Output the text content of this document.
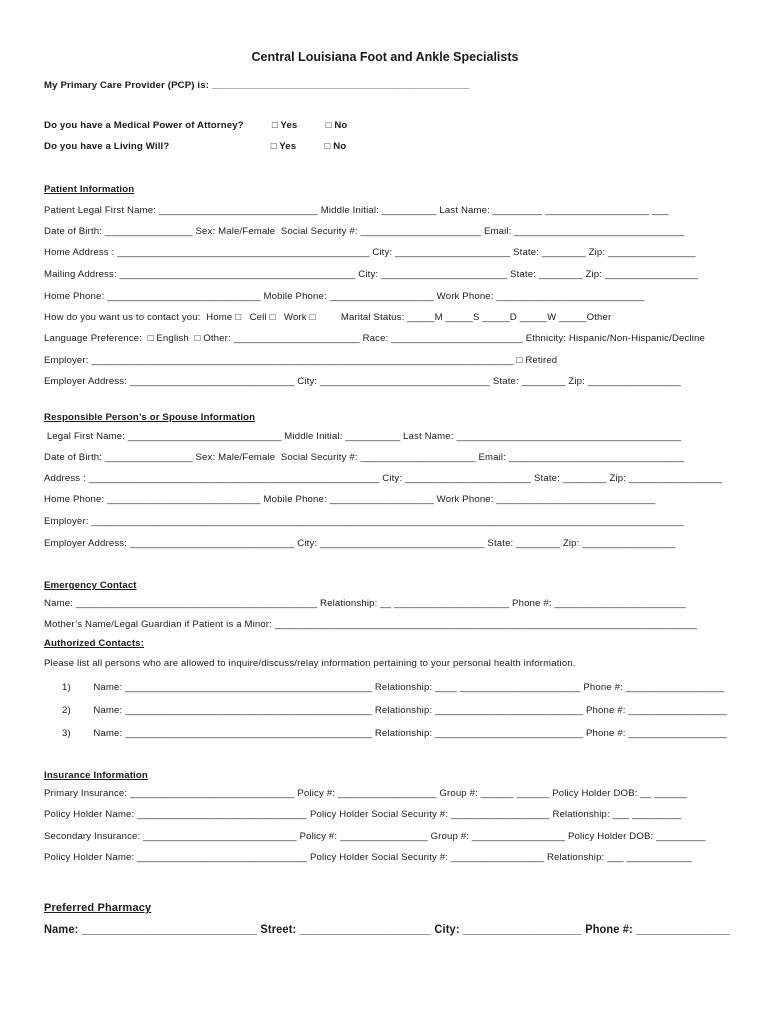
Central Louisiana Foot and Ankle Specialists
My Primary Care Provider (PCP) is: _______________________________________________
Do you have a Medical Power of Attorney?          □ Yes          □ No
Do you have a Living Will?                                    □ Yes          □ No
Patient Information
Patient Legal First Name: _____________________________ Middle Initial: __________ Last Name: _________ ___________________ ___
Date of Birth: ________________ Sex: Male/Female  Social Security #: ______________________ Email: _______________________________
Home Address : ______________________________________________ City: _____________________ State: ________ Zip: ________________
Mailing Address: ___________________________________________ City: _______________________ State: ________ Zip: _________________
Home Phone: ____________________________ Mobile Phone: ___________________ Work Phone: ___________________________
How do you want us to contact you:  Home □   Cell □   Work □         Marital Status: _____M _____S _____D _____W _____Other
Language Preference:  □ English  □ Other: _______________________ Race: ________________________ Ethnicity: Hispanic/Non-Hispanic/Decline
Employer: _____________________________________________________________________________ □ Retired
Employer Address: ______________________________ City: _______________________________ State: ________ Zip: _________________
Responsible Person’s or Spouse Information
Legal First Name: ____________________________ Middle Initial: __________ Last Name: _________________________________________
Date of Birth: ________________ Sex: Male/Female  Social Security #: _____________________ Email: ________________________________
Address : _____________________________________________________ City: _______________________ State: ________ Zip: _________________
Home Phone: ____________________________ Mobile Phone: ___________________ Work Phone: _____________________________
Employer: ____________________________________________________________________________________________________________
Employer Address: ______________________________ City: ______________________________ State: ________ Zip: _________________
Emergency Contact
Name: ____________________________________________ Relationship: __ _____________________ Phone #: ________________________
Mother’s Name/Legal Guardian if Patient is a Minor: _____________________________________________________________________________
Authorized Contacts:
Please list all persons who are allowed to inquire/discuss/relay information pertaining to your personal health information.
1)        Name: _____________________________________________ Relationship: ____ ______________________ Phone #: __________________
2)        Name: _____________________________________________ Relationship: ___________________________ Phone #: __________________
3)        Name: _____________________________________________ Relationship: ___________________________ Phone #: __________________
Insurance Information
Primary Insurance: ______________________________ Policy #: __________________ Group #: ______ ______ Policy Holder DOB: __ ______
Policy Holder Name: _______________________________ Policy Holder Social Security #: __________________ Relationship: ___ _________
Secondary Insurance: ____________________________ Policy #: ________________ Group #: _________________ Policy Holder DOB: _________
Policy Holder Name: _______________________________ Policy Holder Social Security #: _________________ Relationship: ___ ____________
Preferred Pharmacy
Name: ____________________________ Street: _____________________ City: ___________________ Phone #: _______________
